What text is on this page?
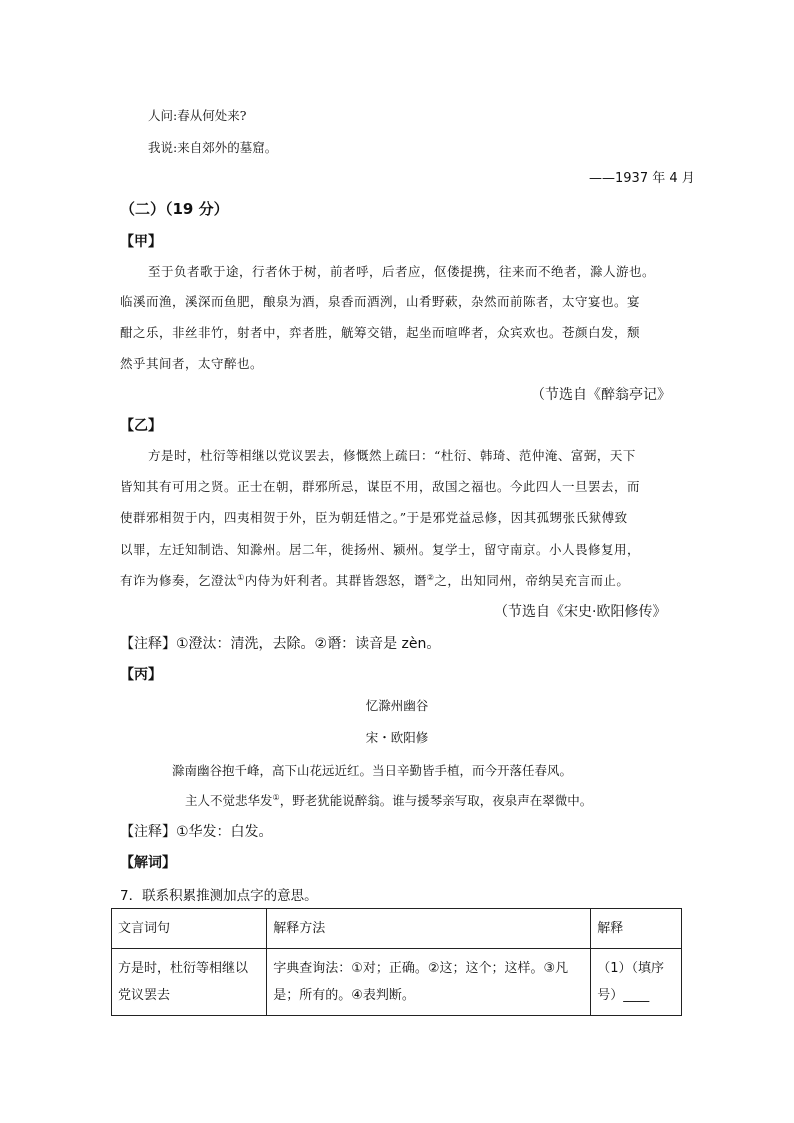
人问:春从何处来?
我说:来自郊外的墓窟。
——1937 年 4 月
（二）（19 分）
【甲】
至于负者歌于途，行者休于树，前者呼，后者应，伛偻提携，往来而不绝者，滁人游也。
临溪而渔，溪深而鱼肥，酿泉为酒，泉香而酒洌，山肴野蔌，杂然而前陈者，太守宴也。宴
酣之乐，非丝非竹，射者中，弈者胜，觥筹交错，起坐而喧哗者，众宾欢也。苍颜白发，颓
然乎其间者，太守醉也。
（节选自《醉翁亭记》
【乙】
方是时，杜衍等相继以党议罢去，修慨然上疏曰：“杜衍、韩琦、范仲淹、富弼，天下
皆知其有可用之贤。正士在朝，群邪所忌，谋臣不用，敌国之福也。今此四人一旦罢去，而
使群邪相贺于内，四夷相贺于外，臣为朝廷惜之。”于是邪党益忌修，因其孤甥张氏狱傅致
以罪，左迁知制诰、知滁州。居二年，徙扬州、颍州。复学士，留守南京。小人畏修复用，
有诈为修奏，乞澄汰①内侍为奸利者。其群皆怨怒，谮②之，出知同州，帝纳吴充言而止。
（节选自《宋史·欧阳修传》
【注释】①澄汰：清洗，去除。②谮：读音是 zèn。
【丙】
忆滁州幽谷
宋・欧阳修
滁南幽谷抱千峰，高下山花远近红。当日辛勤皆手植，而今开落任春风。
主人不觉悲华发①，野老犹能说醉翁。谁与援琴亲写取，夜泉声在翠微中。
【注释】①华发：白发。
【解词】
7．联系积累推测加点字的意思。
文言词句	解释方法	解释
方是时，杜衍等相继以党议罢去	字典查询法：①对；正确。②这；这个；这样。③凡是；所有的。④表判断。	（1）（填序号）____
